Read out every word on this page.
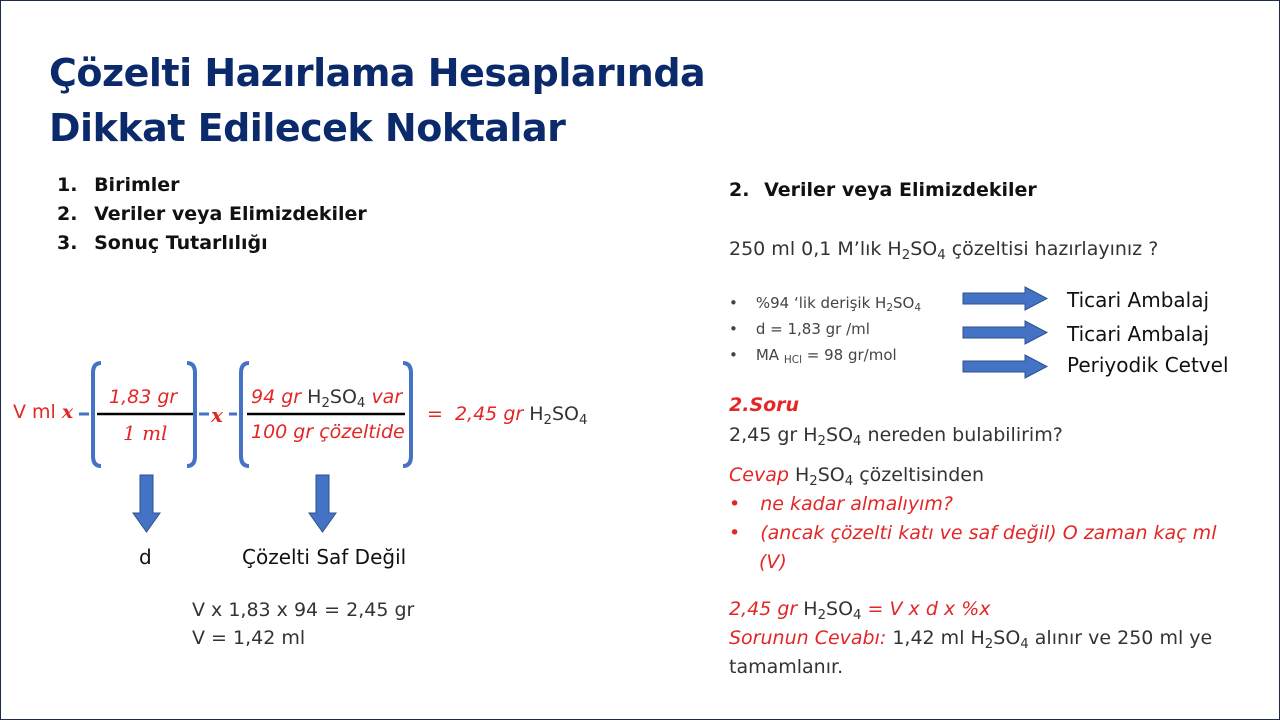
Çözelti Hazırlama Hesaplarında
Dikkat Edilecek Noktalar
1. Birimler
2. Veriler veya Elimizdekiler
3. Sonuç Tutarlılığı
V ml x
1,83 gr
1 ml
x
94 gr $H_2SO_4$ var
100 gr çözeltide
= 2,45 gr $H_2SO_4$
d	Çözelti Saf Değil
V x 1,83 x 94 = 2,45 gr
V = 1,42 ml
2. Veriler veya Elimizdekiler
250 ml 0,1 M’lık $H_2SO_4$ çözeltisi hazırlayınız ?
• %94 ‘lik derişik $H_2SO_4$
• d = 1,83 gr /ml
• MA $_{HCl}$ = 98 gr/mol
Ticari Ambalaj
Ticari Ambalaj
Periyodik Cetvel
2.Soru
2,45 gr $H_2SO_4$ nereden bulabilirim?
Cevap $H_2SO_4$ çözeltisinden
• ne kadar almalıyım?
• (ancak çözelti katı ve saf değil) O zaman kaç ml
(V)
2,45 gr $H_2SO_4 = V$ x d x %x
Sorunun Cevabı: 1,42 ml $H_2SO_4$ alınır ve 250 ml ye
tamamlanır.
